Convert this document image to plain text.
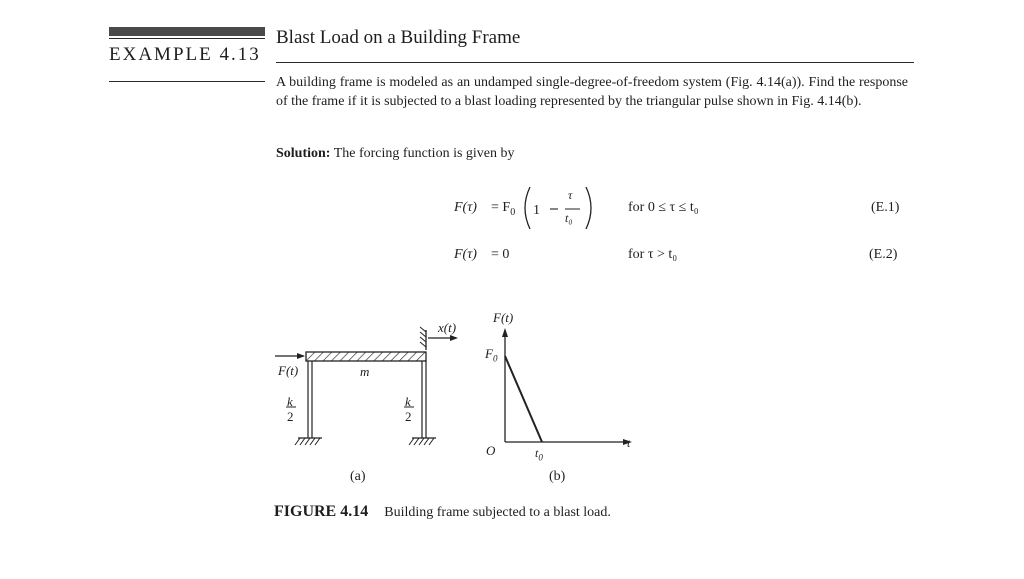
EXAMPLE 4.13
Blast Load on a Building Frame
A building frame is modeled as an undamped single-degree-of-freedom system (Fig. 4.14(a)). Find the response of the frame if it is subjected to a blast loading represented by the triangular pulse shown in Fig. 4.14(b).
Solution: The forcing function is given by
$F(\tau) = F_0$ 1
τ
t₀
for 0 ≤ τ ≤ t₀	(E.1)
F(τ) = 0	for τ > t₀	(E.2)
F(t)	m
x(t)
k
2
k
2
(a)
F(t)
$F_0$
O	$t_0$
t
(b)
FIGURE 4.14 Building frame subjected to a blast load.
